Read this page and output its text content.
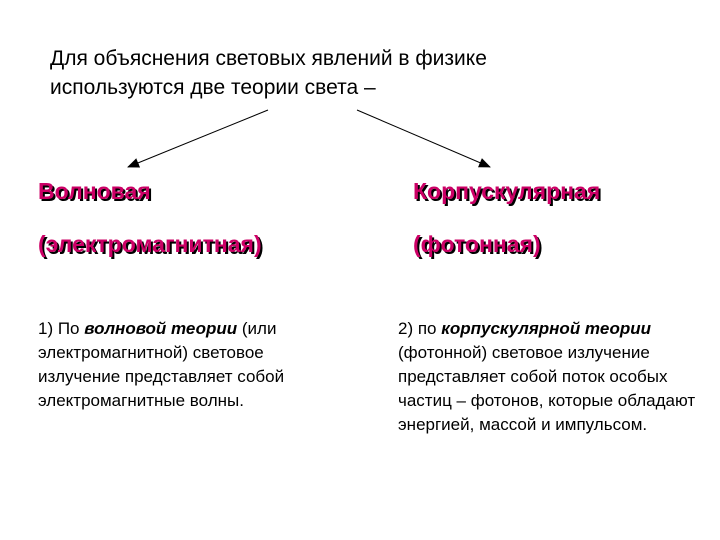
Для объяснения световых явлений в физике
используются две теории света –
Волновая
(электромагнитная)
Корпускулярная
(фотонная)
1) По волновой теории (или электромагнитной) световое излучение представляет собой электромагнитные волны.
2) по корпускулярной теории (фотонной) световое излучение представляет собой поток особых частиц – фотонов, которые обладают энергией, массой и импульсом.
